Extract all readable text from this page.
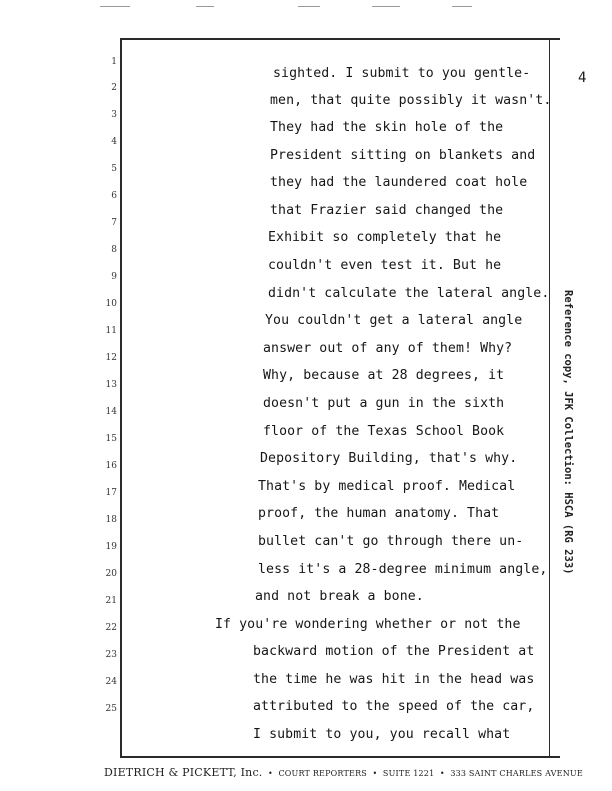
4
1
2
3
4
5
6
7
8
9
10
11
12
13
14
15
16
17
18
19
20
21
22
23
24
25
sighted. I submit to you gentle-
men, that quite possibly it wasn't.
They had the skin hole of the
President sitting on blankets and
they had the laundered coat hole
that Frazier said changed the
Exhibit so completely that he
couldn't even test it. But he
didn't calculate the lateral angle.
You couldn't get a lateral angle
answer out of any of them! Why?
Why, because at 28 degrees, it
doesn't put a gun in the sixth
floor of the Texas School Book
Depository Building, that's why.
That's by medical proof. Medical
proof, the human anatomy. That
bullet can't go through there un-
less it's a 28-degree minimum angle,
and not break a bone.
If you're wondering whether or not the
backward motion of the President at
the time he was hit in the head was
attributed to the speed of the car,
I submit to you, you recall what
Reference copy, JFK Collection: HSCA (RG 233)
DIETRICH & PICKETT, Inc. • COURT REPORTERS • SUITE 1221 • 333 SAINT CHARLES AVENUE
